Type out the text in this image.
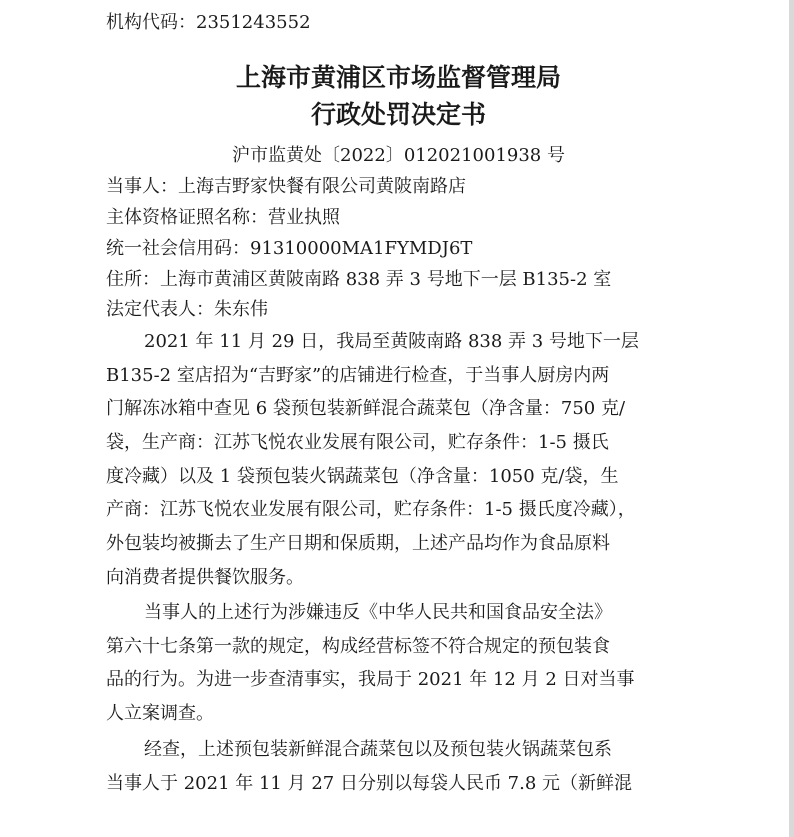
机构代码：2351243552
上海市黄浦区市场监督管理局
行政处罚决定书
沪市监黄处〔2022〕012021001938 号
当事人：上海吉野家快餐有限公司黄陂南路店
主体资格证照名称：营业执照
统一社会信用码：91310000MA1FYMDJ6T
住所：上海市黄浦区黄陂南路 838 弄 3 号地下一层 B135-2 室
法定代表人：朱东伟
2021 年 11 月 29 日，我局至黄陂南路 838 弄 3 号地下一层
B135-2 室店招为“吉野家”的店铺进行检查，于当事人厨房内两
门解冻冰箱中查见 6 袋预包装新鲜混合蔬菜包（净含量：750 克/
袋，生产商：江苏飞悦农业发展有限公司，贮存条件：1-5 摄氏
度冷藏）以及 1 袋预包装火锅蔬菜包（净含量：1050 克/袋，生
产商：江苏飞悦农业发展有限公司，贮存条件：1-5 摄氏度冷藏），
外包装均被撕去了生产日期和保质期，上述产品均作为食品原料
向消费者提供餐饮服务。
当事人的上述行为涉嫌违反《中华人民共和国食品安全法》
第六十七条第一款的规定，构成经营标签不符合规定的预包装食
品的行为。为进一步查清事实，我局于 2021 年 12 月 2 日对当事
人立案调查。
经查，上述预包装新鲜混合蔬菜包以及预包装火锅蔬菜包系
当事人于 2021 年 11 月 27 日分别以每袋人民币 7.8 元（新鲜混
